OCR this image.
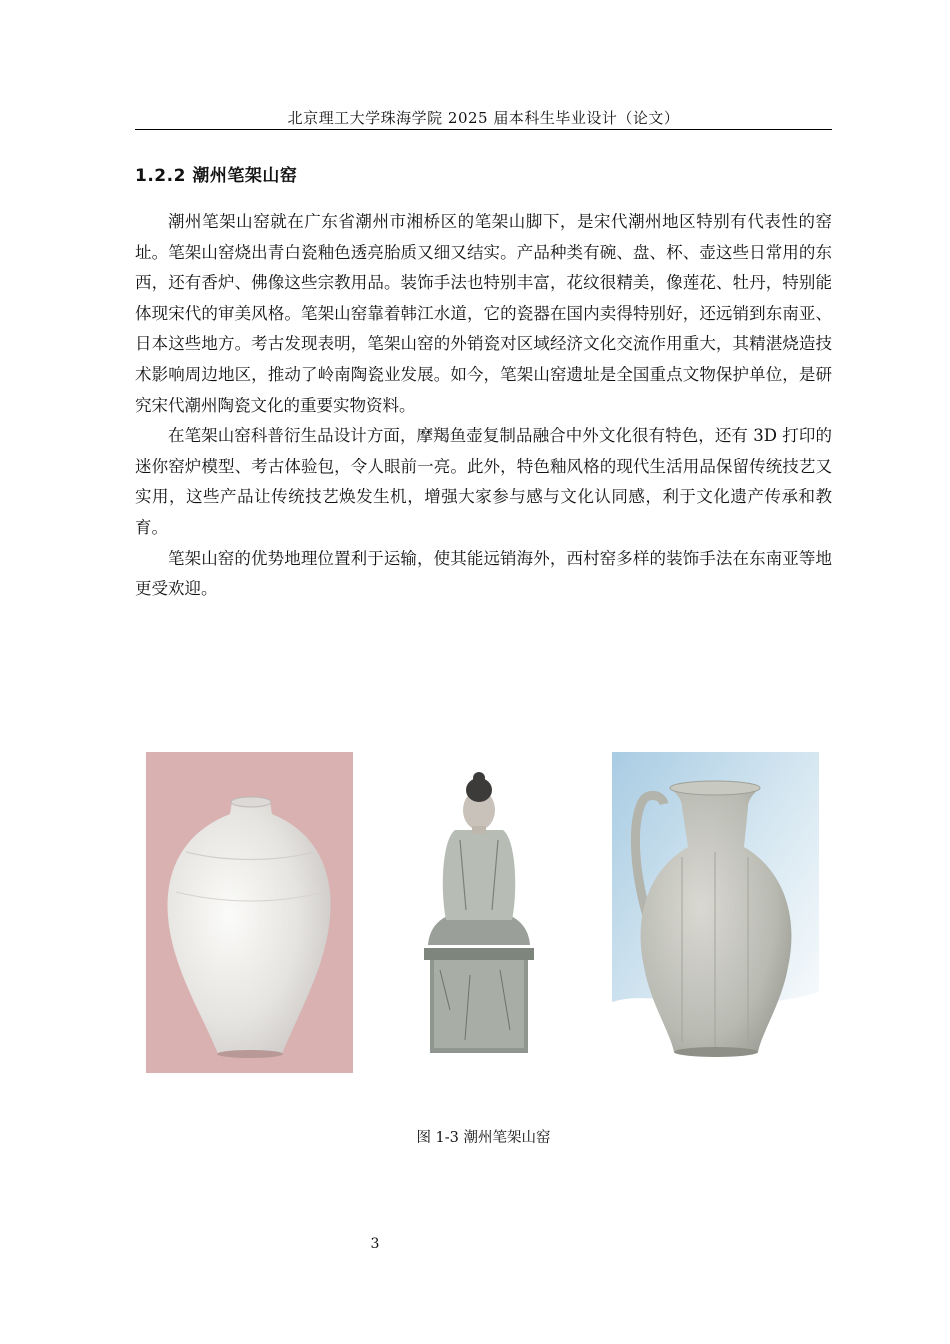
北京理工大学珠海学院 2025 届本科生毕业设计（论文）
1.2.2 潮州笔架山窑

潮州笔架山窑就在广东省潮州市湘桥区的笔架山脚下，是宋代潮州地区特别有代表性的窑址。笔架山窑烧出青白瓷釉色透亮胎质又细又结实。产品种类有碗、盘、杯、壶这些日常用的东西，还有香炉、佛像这些宗教用品。装饰手法也特别丰富，花纹很精美，像莲花、牡丹，特别能体现宋代的审美风格。笔架山窑靠着韩江水道，它的瓷器在国内卖得特别好，还远销到东南亚、日本这些地方。考古发现表明，笔架山窑的外销瓷对区域经济文化交流作用重大，其精湛烧造技术影响周边地区，推动了岭南陶瓷业发展。如今，笔架山窑遗址是全国重点文物保护单位，是研究宋代潮州陶瓷文化的重要实物资料。

在笔架山窑科普衍生品设计方面，摩羯鱼壶复制品融合中外文化很有特色，还有 3D 打印的迷你窑炉模型、考古体验包，令人眼前一亮。此外，特色釉风格的现代生活用品保留传统技艺又实用，这些产品让传统技艺焕发生机，增强大家参与感与文化认同感，利于文化遗产传承和教育。

笔架山窑的优势地理位置利于运输，使其能远销海外，西村窑多样的装饰手法在东南亚等地更受欢迎。

图 1-3 潮州笔架山窑
3
